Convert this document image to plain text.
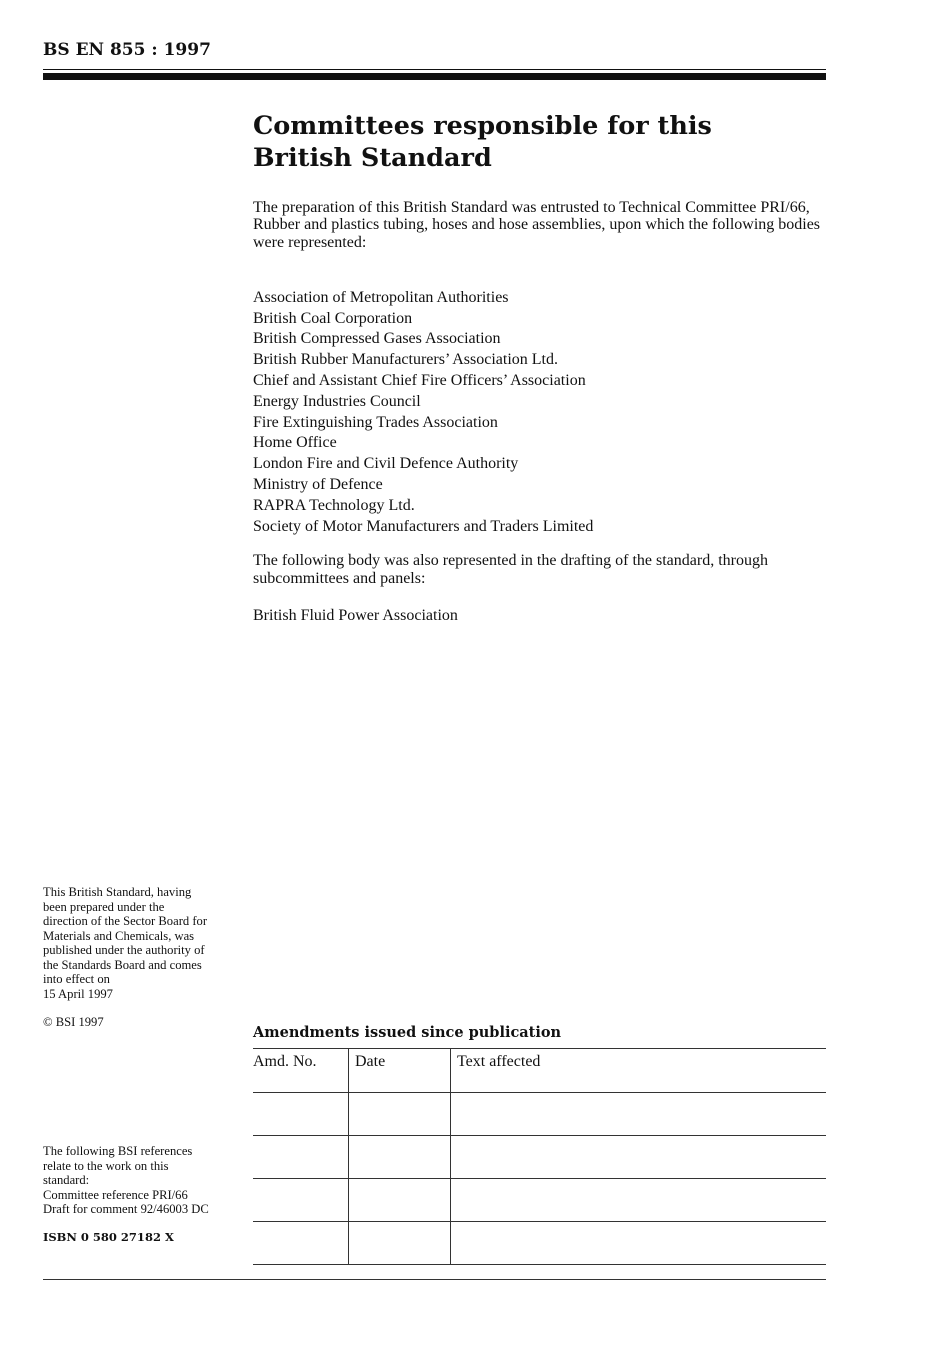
BS EN 855 : 1997
Committees responsible for this
British Standard

The preparation of this British Standard was entrusted to Technical Committee PRI/66, Rubber and plastics tubing, hoses and hose assemblies, upon which the following bodies were represented:

Association of Metropolitan Authorities
British Coal Corporation
British Compressed Gases Association
British Rubber Manufacturers’ Association Ltd.
Chief and Assistant Chief Fire Officers’ Association
Energy Industries Council
Fire Extinguishing Trades Association
Home Office
London Fire and Civil Defence Authority
Ministry of Defence
RAPRA Technology Ltd.
Society of Motor Manufacturers and Traders Limited

The following body was also represented in the drafting of the standard, through subcommittees and panels:

British Fluid Power Association
This British Standard, having
been prepared under the
direction of the Sector Board for
Materials and Chemicals, was
published under the authority of
the Standards Board and comes
into effect on
15 April 1997
© BSI 1997
The following BSI references
relate to the work on this
standard:
Committee reference PRI/66
Draft for comment 92/46003 DC
ISBN 0 580 27182 X
Amendments issued since publication
Amd. No.	Date	Text affected
